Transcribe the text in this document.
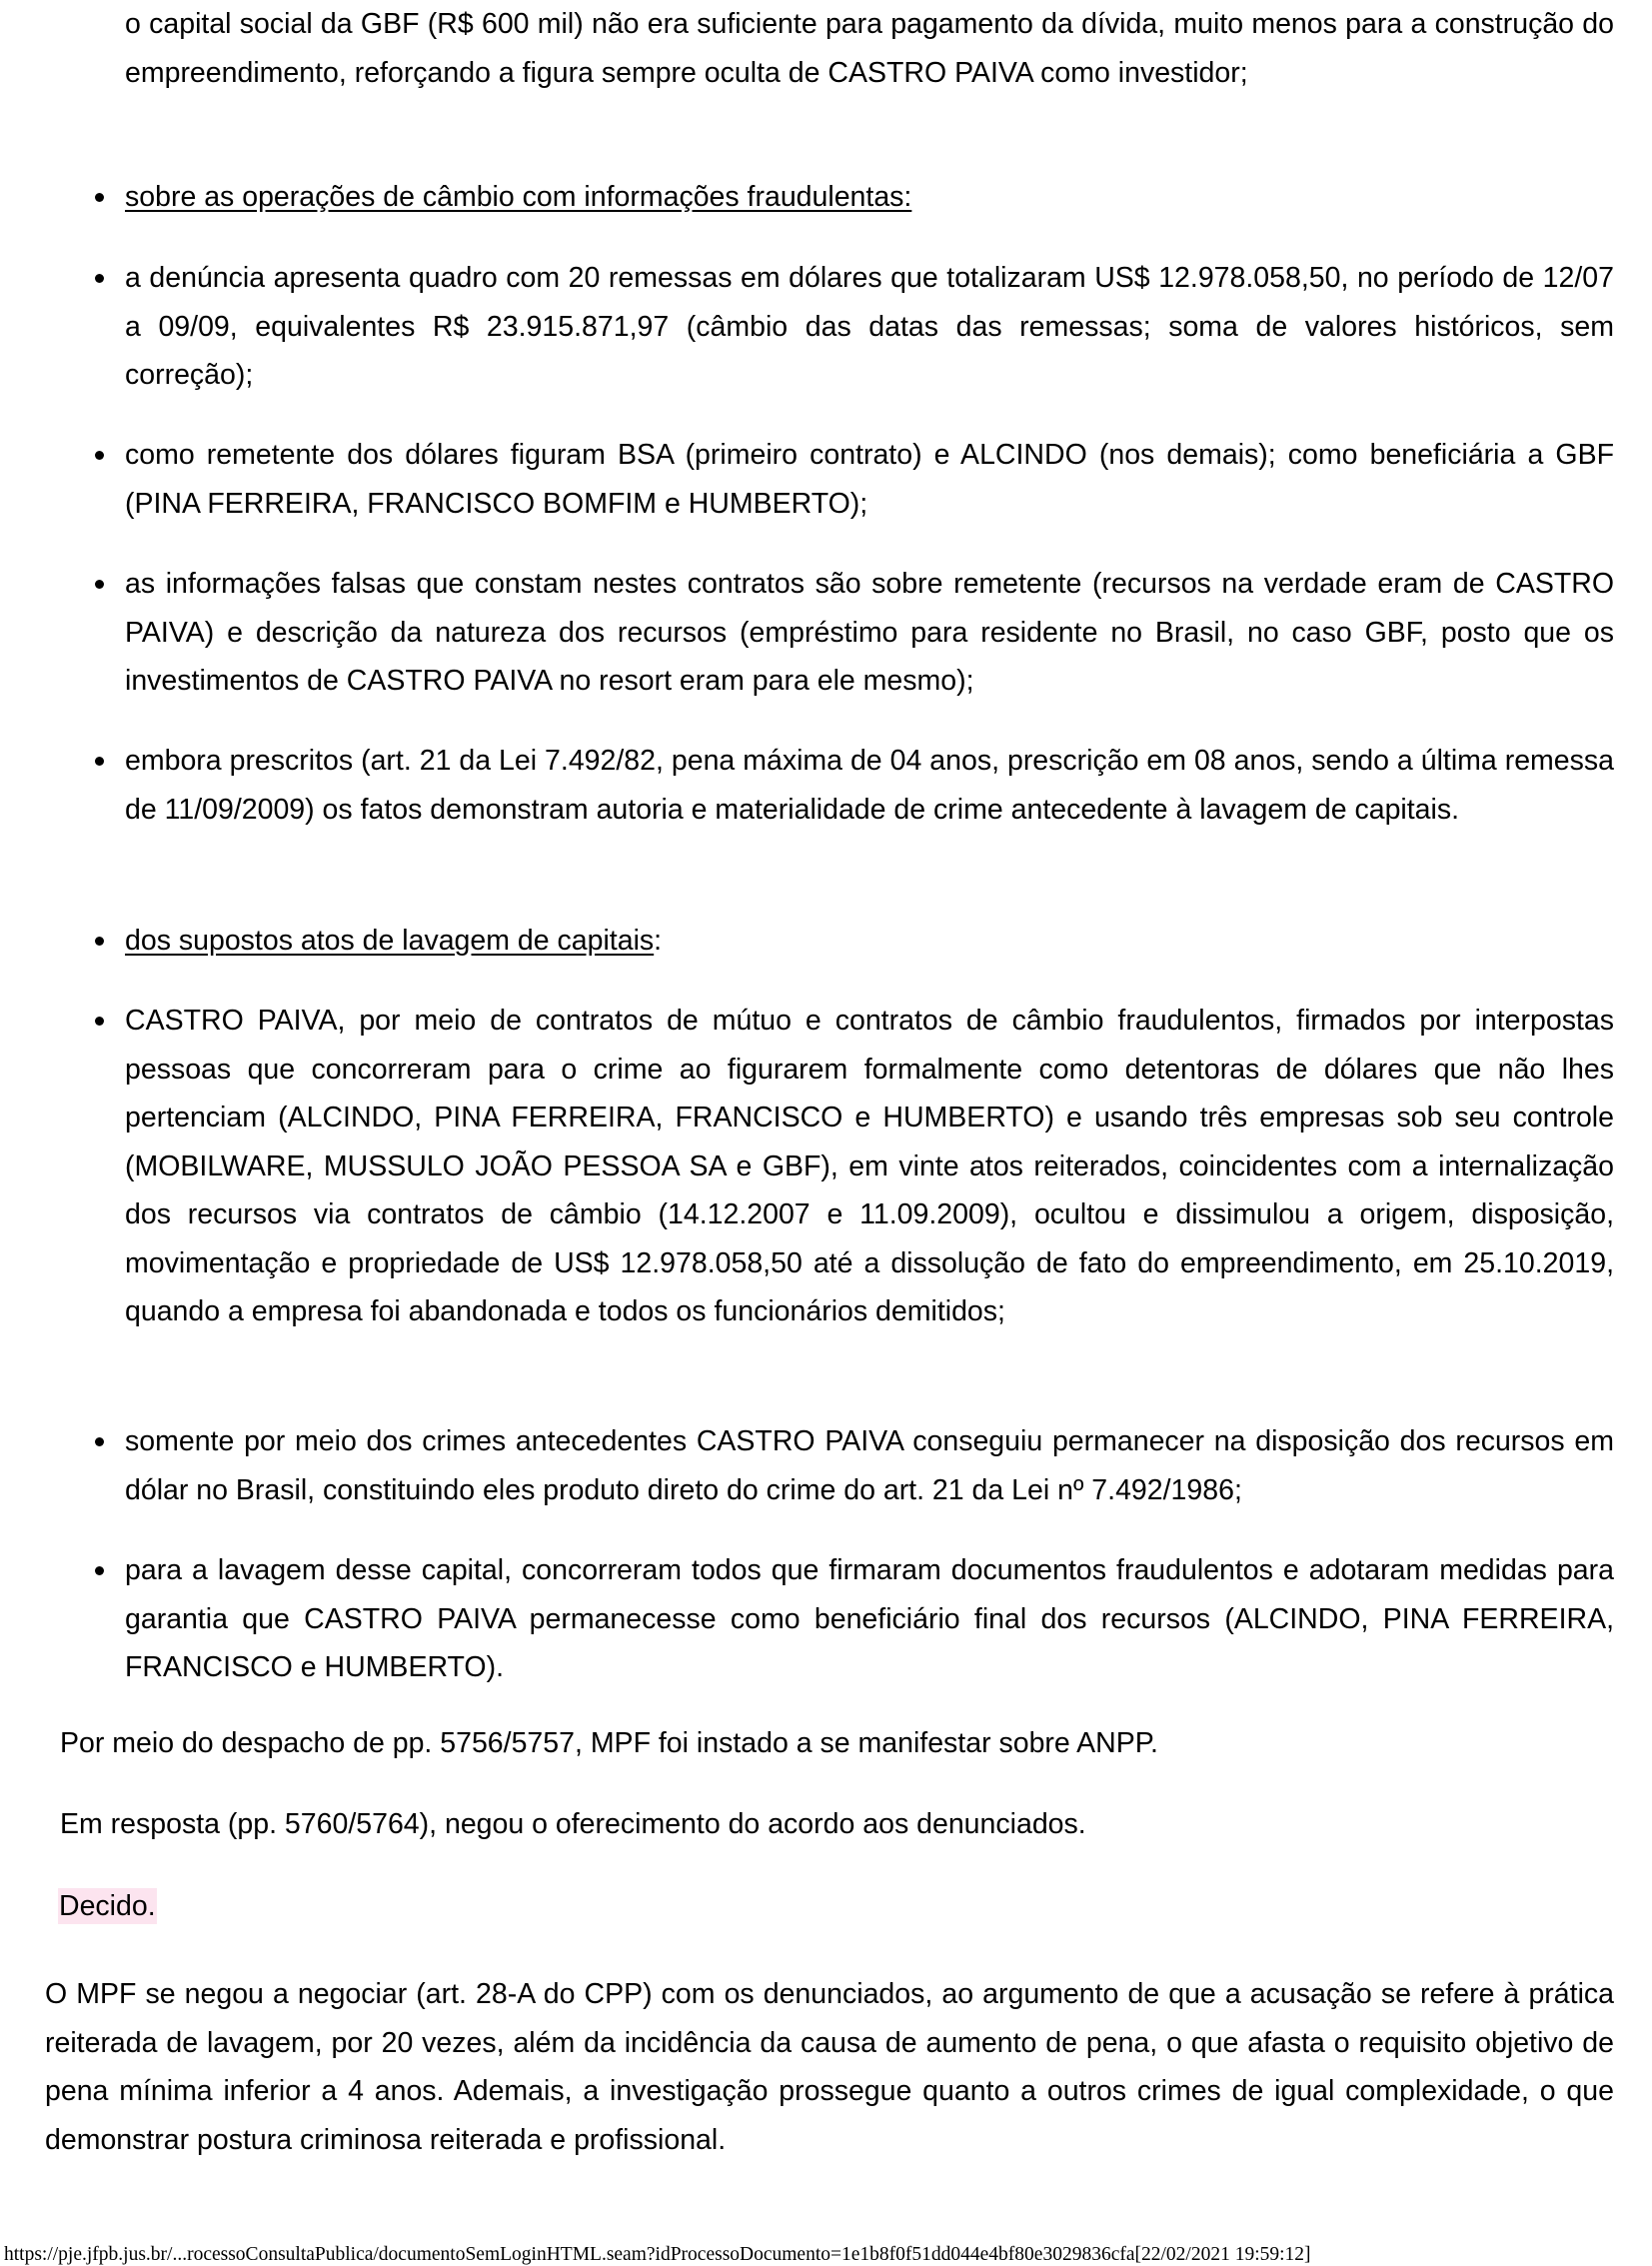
o capital social da GBF (R$ 600 mil) não era suficiente para pagamento da dívida, muito menos para a construção do empreendimento, reforçando a figura sempre oculta de CASTRO PAIVA como investidor;
sobre as operações de câmbio com informações fraudulentas:
a denúncia apresenta quadro com 20 remessas em dólares que totalizaram US$ 12.978.058,50, no período de 12/07 a 09/09, equivalentes R$ 23.915.871,97 (câmbio das datas das remessas; soma de valores históricos, sem correção);
como remetente dos dólares figuram BSA (primeiro contrato) e ALCINDO (nos demais); como beneficiária a GBF (PINA FERREIRA, FRANCISCO BOMFIM e HUMBERTO);
as informações falsas que constam nestes contratos são sobre remetente (recursos na verdade eram de CASTRO PAIVA) e descrição da natureza dos recursos (empréstimo para residente no Brasil, no caso GBF, posto que os investimentos de CASTRO PAIVA no resort eram para ele mesmo);
embora prescritos (art. 21 da Lei 7.492/82, pena máxima de 04 anos, prescrição em 08 anos, sendo a última remessa de 11/09/2009) os fatos demonstram autoria e materialidade de crime antecedente à lavagem de capitais.
dos supostos atos de lavagem de capitais:
CASTRO PAIVA, por meio de contratos de mútuo e contratos de câmbio fraudulentos, firmados por interpostas pessoas que concorreram para o crime ao figurarem formalmente como detentoras de dólares que não lhes pertenciam (ALCINDO, PINA FERREIRA, FRANCISCO e HUMBERTO) e usando três empresas sob seu controle (MOBILWARE, MUSSULO JOÃO PESSOA SA e GBF), em vinte atos reiterados, coincidentes com a internalização dos recursos via contratos de câmbio (14.12.2007 e 11.09.2009), ocultou e dissimulou a origem, disposição, movimentação e propriedade de US$ 12.978.058,50 até a dissolução de fato do empreendimento, em 25.10.2019, quando a empresa foi abandonada e todos os funcionários demitidos;
somente por meio dos crimes antecedentes CASTRO PAIVA conseguiu permanecer na disposição dos recursos em dólar no Brasil, constituindo eles produto direto do crime do art. 21 da Lei nº 7.492/1986;
para a lavagem desse capital, concorreram todos que firmaram documentos fraudulentos e adotaram medidas para garantia que CASTRO PAIVA permanecesse como beneficiário final dos recursos (ALCINDO, PINA FERREIRA, FRANCISCO e HUMBERTO).
Por meio do despacho de pp. 5756/5757, MPF foi instado a se manifestar sobre ANPP.
Em resposta (pp. 5760/5764), negou o oferecimento do acordo aos denunciados.
Decido.
O MPF se negou a negociar (art. 28-A do CPP) com os denunciados, ao argumento de que a acusação se refere à prática reiterada de lavagem, por 20 vezes, além da incidência da causa de aumento de pena, o que afasta o requisito objetivo de pena mínima inferior a 4 anos. Ademais, a investigação prossegue quanto a outros crimes de igual complexidade, o que demonstrar postura criminosa reiterada e profissional.
https://pje.jfpb.jus.br/...rocessoConsultaPublica/documentoSemLoginHTML.seam?idProcessoDocumento=1e1b8f0f51dd044e4bf80e3029836cfa[22/02/2021 19:59:12]
